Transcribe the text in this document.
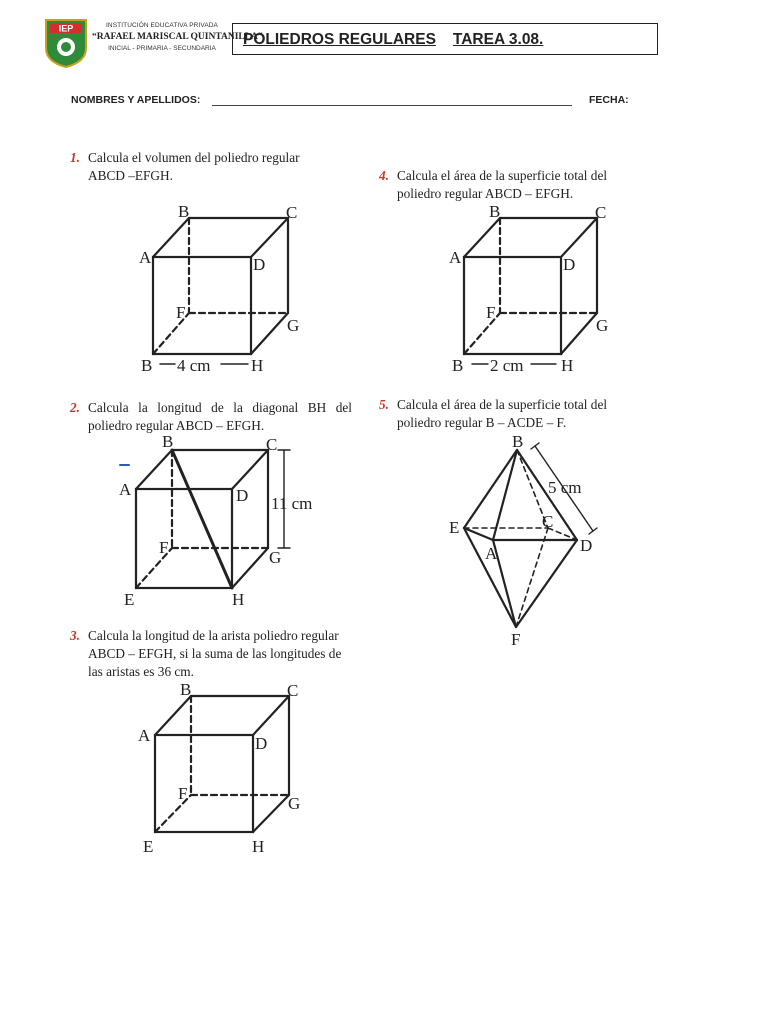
IEP	INSTITUCIÓN EDUCATIVA PRIVADA
“RAFAEL MARISCAL QUINTANILLA”
INICIAL - PRIMARIA - SECUNDARIA
POLIEDROS REGULARES TAREA 3.08.
NOMBRES Y APELLIDOS:	FECHA:
1. Calcula el volumen del poliedro regular ABCD –EFGH.
2. Calcula la longitud de la diagonal BH del poliedro regular ABCD – EFGH.
3. Calcula la longitud de la arista poliedro regular ABCD – EFGH, si la suma de las longitudes de las aristas es 36 cm.
4. Calcula el área de la superficie total del poliedro regular ABCD – EFGH.
5. Calcula el área de la superficie total del poliedro regular B – ACDE – F.
A
B	C
D
F
G
B 4 cm H
A
B	C
D
F
G
B 2 cm H
A
B	C
D
E
F
G
H
11 cm
A
B	C
D
E
F
G
H
B
E	C
A	D
F
5 cm
